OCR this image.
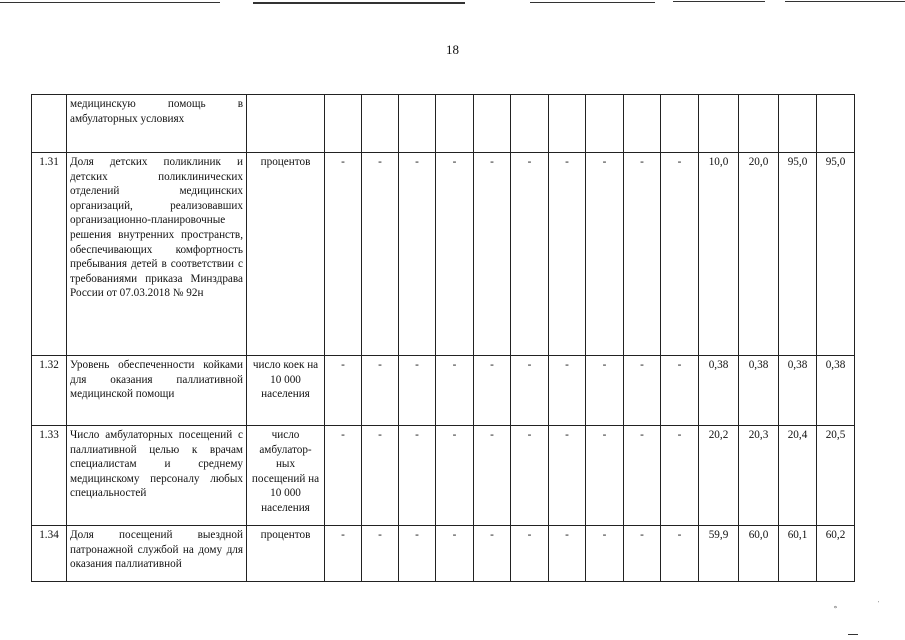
18
	медицинскую помощь в амбулаторных условиях															
1.31	Доля детских поликлиник и детских поликлинических отделений медицинских организаций, реализовавших организационно-планировочные решения внутренних пространств, обеспечивающих комфортность пребывания детей в соответствии с требованиями приказа Минздрава России от 07.03.2018 № 92н	процентов	-	-	-	-	-	-	-	-	-	-	10,0	20,0	95,0	95,0
1.32	Уровень обеспеченности койками для оказания паллиативной медицинской помощи	число коек на 10 000 населения	-	-	-	-	-	-	-	-	-	-	0,38	0,38	0,38	0,38
1.33	Число амбулаторных посещений с паллиативной целью к врачам специалистам и среднему медицинскому персоналу любых специальностей	число амбулатор-ных посещений на 10 000 населения	-	-	-	-	-	-	-	-	-	-	20,2	20,3	20,4	20,5
1.34	Доля посещений выездной патронажной службой на дому для оказания паллиативной	процентов	-	-	-	-	-	-	-	-	-	-	59,9	60,0	60,1	60,2
ه	'
